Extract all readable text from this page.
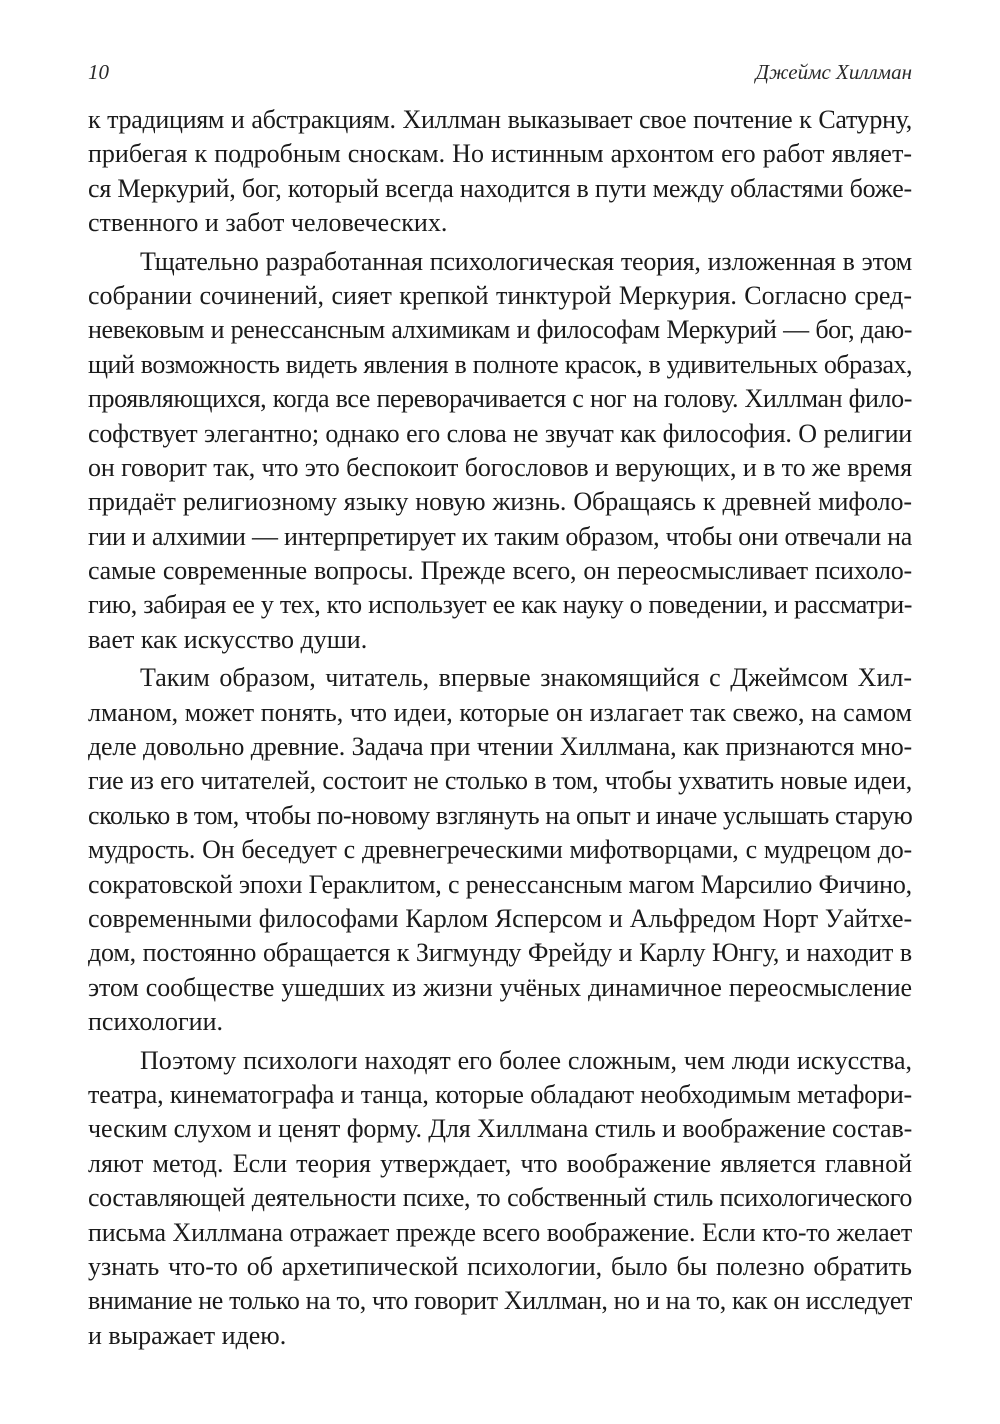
10	Джеймс Хиллман
к традициям и абстракциям. Хиллман выказывает свое почтение к Сатурну,
прибегая к подробным сноскам. Но истинным архонтом его работ являет-
ся Меркурий, бог, который всегда находится в пути между областями боже-
ственного и забот человеческих.
Тщательно разработанная психологическая теория, изложенная в этом
собрании сочинений, сияет крепкой тинктурой Меркурия. Согласно сред-
невековым и ренессансным алхимикам и философам Меркурий — бог, даю-
щий возможность видеть явления в полноте красок, в удивительных образах,
проявляющихся, когда все переворачивается с ног на голову. Хиллман фило-
софствует элегантно; однако его слова не звучат как философия. О религии
он говорит так, что это беспокоит богословов и верующих, и в то же время
придаёт религиозному языку новую жизнь. Обращаясь к древней мифоло-
гии и алхимии — интерпретирует их таким образом, чтобы они отвечали на
самые современные вопросы. Прежде всего, он переосмысливает психоло-
гию, забирая ее у тех, кто использует ее как науку о поведении, и рассматри-
вает как искусство души.
Таким образом, читатель, впервые знакомящийся с Джеймсом Хил-
лманом, может понять, что идеи, которые он излагает так свежо, на самом
деле довольно древние. Задача при чтении Хиллмана, как признаются мно-
гие из его читателей, состоит не столько в том, чтобы ухватить новые идеи,
сколько в том, чтобы по-новому взглянуть на опыт и иначе услышать старую
мудрость. Он беседует с древнегреческими мифотворцами, с мудрецом до-
сократовской эпохи Гераклитом, с ренессансным магом Марсилио Фичино,
современными философами Карлом Ясперсом и Альфредом Норт Уайтхе-
дом, постоянно обращается к Зигмунду Фрейду и Карлу Юнгу, и находит в
этом сообществе ушедших из жизни учёных динамичное переосмысление
психологии.
Поэтому психологи находят его более сложным, чем люди искусства,
театра, кинематографа и танца, которые обладают необходимым метафори-
ческим слухом и ценят форму. Для Хиллмана стиль и воображение состав-
ляют метод. Если теория утверждает, что воображение является главной
составляющей деятельности психе, то собственный стиль психологического
письма Хиллмана отражает прежде всего воображение. Если кто-то желает
узнать что-то об архетипической психологии, было бы полезно обратить
внимание не только на то, что говорит Хиллман, но и на то, как он исследует
и выражает идею.
